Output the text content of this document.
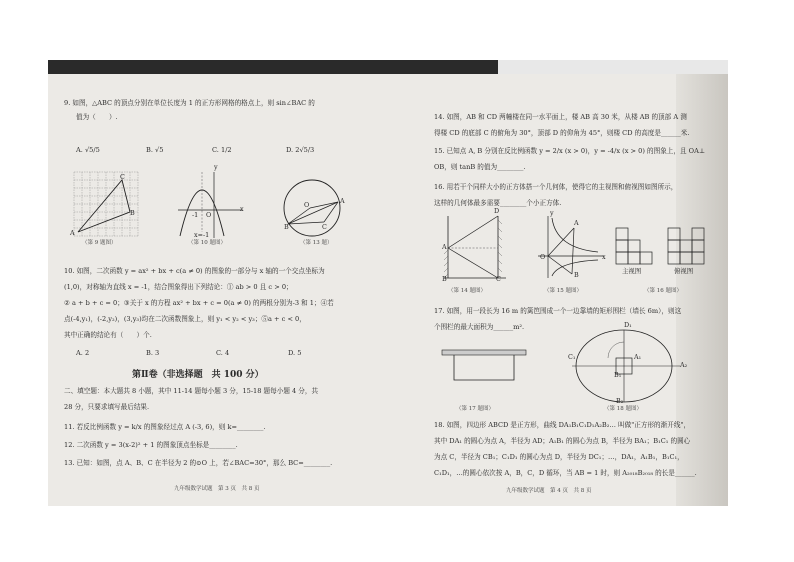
9. 如图，△ABC 的顶点分别在单位长度为 1 的正方形网格的格点上，则 sin∠BAC 的
值为（　　）.
A. √5/5	B. √5	C. 1/2	D. 2√5/3
A
C
B
（第 9 题图）
y
x
-1 O
x=-1
（第 10 题图）
O	A
B	C
（第 13 题）
10. 如图，二次函数 y = ax² + bx + c(a ≠ 0) 的图象的一部分与 x 轴的一个交点坐标为
(1,0)，对称轴为直线 x = -1，结合图象得出下列结论：① ab > 0 且 c > 0；
② a + b + c = 0；③关于 x 的方程 ax² + bx + c = 0(a ≠ 0) 的两根分别为-3 和 1；④若
点(-4,y₁)，(-2,y₂)，(3,y₃)均在二次函数图象上，则 y₁ < y₂ < y₃；⑤a + c < 0，
其中正确的结论有（　　）个.
A. 2	B. 3	C. 4	D. 5
第Ⅱ卷（非选择题　共 100 分）
二、填空题：本大题共 8 小题，其中 11-14 题每小题 3 分，15-18 题每小题 4 分，共
28 分，只要求填写最后结果.
11. 若反比例函数 y = k/x 的图象经过点 A (-3, 6)，则 k=________.
12. 二次函数 y = 3(x-2)² + 1 的图象顶点坐标是________.
13. 已知：如图，点 A、B、C 在半径为 2 的⊙O 上，若∠BAC=30°，那么 BC=________.
九年级数学试题　第 3 页　共 8 页
14. 如图，AB 和 CD 两幢楼在同一水平面上，楼 AB 高 30 米，从楼 AB 的顶部 A 测
得楼 CD 的底部 C 的俯角为 30°，顶部 D 的仰角为 45°，则楼 CD 的高度是______米.
15. 已知点 A, B 分别在反比例函数 y = 2/x (x > 0)，y = -4/x (x > 0) 的图象上，且 OA⊥
OB，则 tanB 的值为________.
16. 用若干个同样大小的正方体搭一个几何体，使得它的主视图和俯视图如图所示，
这样的几何体最多需要________个小正方体.
D
A
B	C
（第 14 题图）
y
x
O
A
B
（第 15 题图）
主视图	俯视图
（第 16 题图）
17. 如图，用一段长为 16 m 的篱笆围成一个一边靠墙的矩形围栏（墙长 6m），则这
个围栏的最大面积为______m².
（第 17 题图）
D₁
C₁
A₂
B₁
B₂
A₁
（第 18 题图）
18. 如图，四边形 ABCD 是正方形，曲线 DA₁B₁C₁D₁A₂B₂… 叫做"正方形的渐开线"，
其中 DA₁ 的圆心为点 A，半径为 AD；A₁B₁ 的圆心为点 B，半径为 BA₁；B₁C₁ 的圆心
为点 C，半径为 CB₁；C₁D₁ 的圆心为点 D，半径为 DC₁；…，DA₁，A₁B₁，B₁C₁，
C₁D₁，…的圆心依次按 A，B，C，D 循环，当 AB = 1 时，则 A₂₀₁₈B₂₀₁₈ 的长是______.
九年级数学试题　第 4 页　共 8 页
